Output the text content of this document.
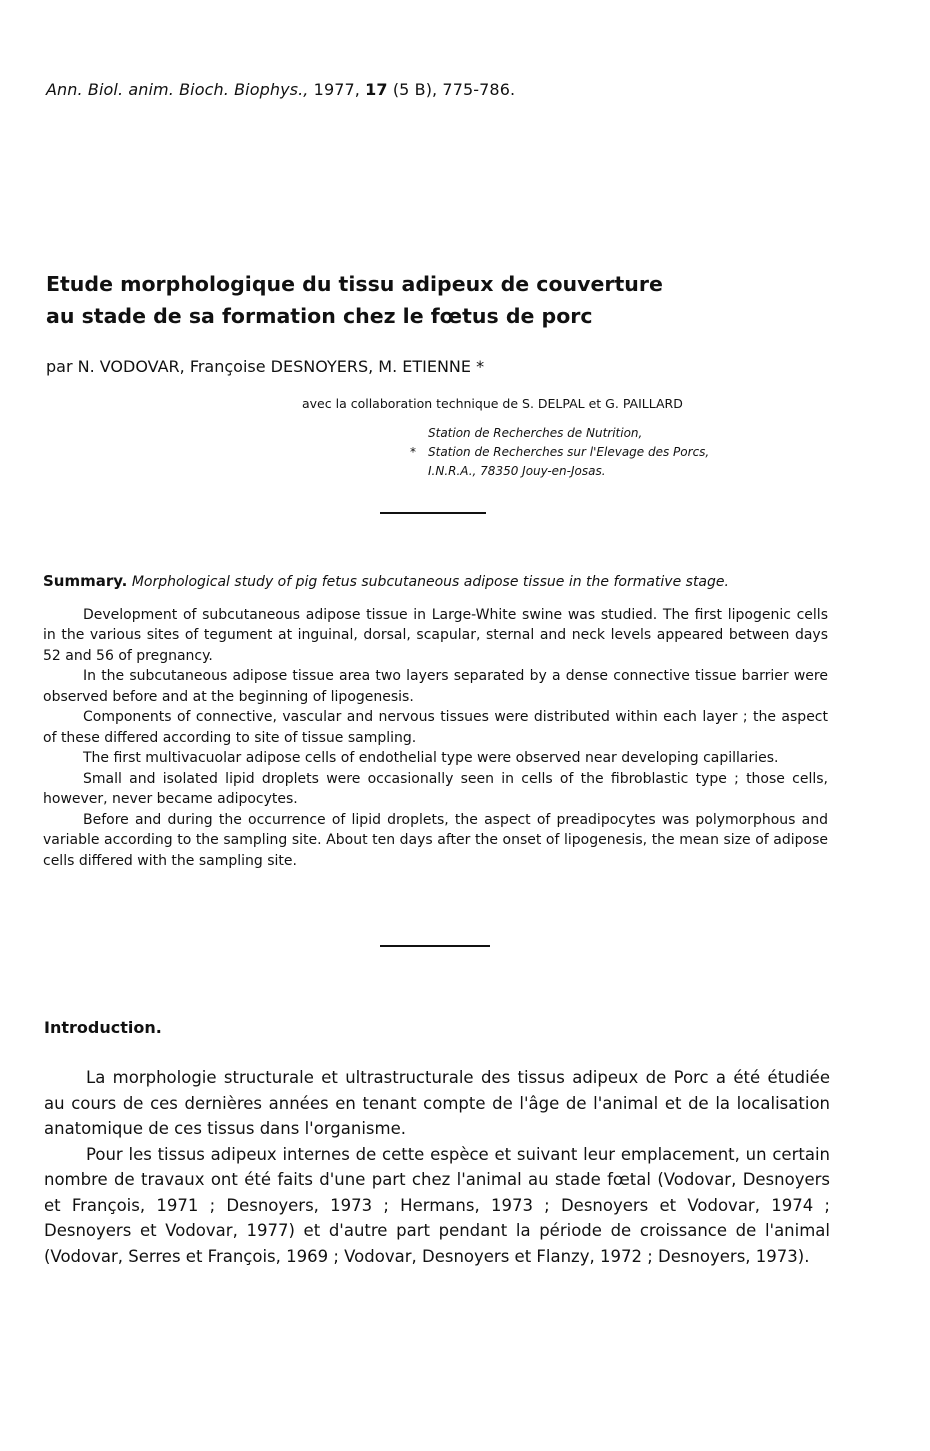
Ann. Biol. anim. Bioch. Biophys., 1977, 17 (5 B), 775-786.
Etude morphologique du tissu adipeux de couverture
au stade de sa formation chez le fœtus de porc
par N. VODOVAR, Françoise DESNOYERS, M. ETIENNE *
avec la collaboration technique de S. DELPAL et G. PAILLARD
Station de Recherches de Nutrition,
* Station de Recherches sur l'Elevage des Porcs,
I.N.R.A., 78350 Jouy-en-Josas.

Summary. Morphological study of pig fetus subcutaneous adipose tissue in the formative stage.

Development of subcutaneous adipose tissue in Large-White swine was studied. The first lipogenic cells in the various sites of tegument at inguinal, dorsal, scapular, sternal and neck levels appeared between days 52 and 56 of pregnancy.

In the subcutaneous adipose tissue area two layers separated by a dense connective tissue barrier were observed before and at the beginning of lipogenesis.

Components of connective, vascular and nervous tissues were distributed within each layer ; the aspect of these differed according to site of tissue sampling.

The first multivacuolar adipose cells of endothelial type were observed near developing capillaries.

Small and isolated lipid droplets were occasionally seen in cells of the fibroblastic type ; those cells, however, never became adipocytes.

Before and during the occurrence of lipid droplets, the aspect of preadipocytes was polymorphous and variable according to the sampling site. About ten days after the onset of lipogenesis, the mean size of adipose cells differed with the sampling site.

Introduction.

La morphologie structurale et ultrastructurale des tissus adipeux de Porc a été étudiée au cours de ces dernières années en tenant compte de l'âge de l'animal et de la localisation anatomique de ces tissus dans l'organisme.

Pour les tissus adipeux internes de cette espèce et suivant leur emplacement, un certain nombre de travaux ont été faits d'une part chez l'animal au stade fœtal (Vodovar, Desnoyers et François, 1971 ; Desnoyers, 1973 ; Hermans, 1973 ; Desnoyers et Vodovar, 1974 ; Desnoyers et Vodovar, 1977) et d'autre part pendant la période de croissance de l'animal (Vodovar, Serres et François, 1969 ; Vodovar, Desnoyers et Flanzy, 1972 ; Desnoyers, 1973).
